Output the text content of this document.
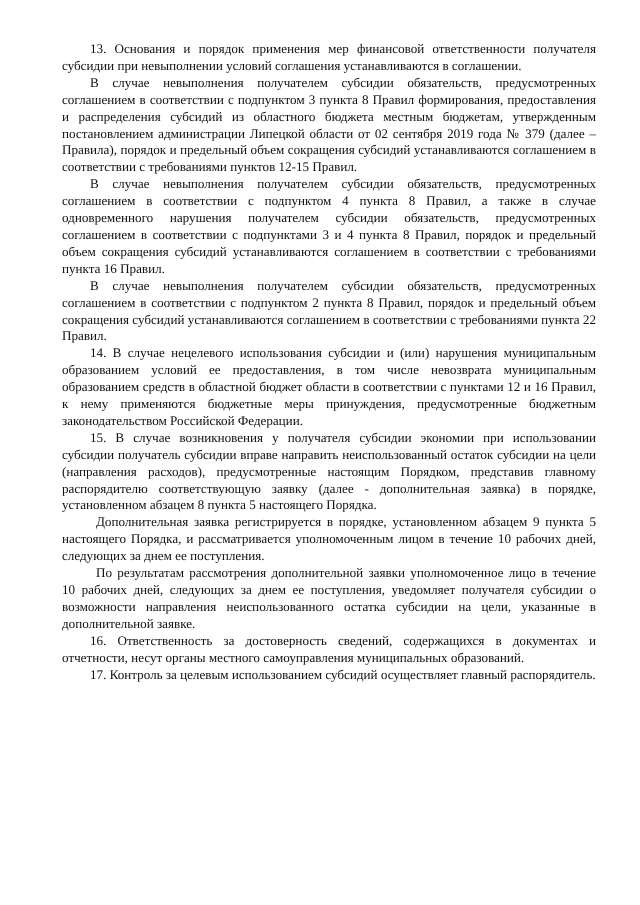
13. Основания и порядок применения мер финансовой ответственности получателя субсидии при невыполнении условий соглашения устанавливаются в соглашении.

В случае невыполнения получателем субсидии обязательств, предусмотренных соглашением в соответствии с подпунктом 3 пункта 8 Правил формирования, предоставления и распределения субсидий из областного бюджета местным бюджетам, утвержденным постановлением администрации Липецкой области от 02 сентября 2019 года № 379 (далее – Правила), порядок и предельный объем сокращения субсидий устанавливаются соглашением в соответствии с требованиями пунктов 12-15 Правил.

В случае невыполнения получателем субсидии обязательств, предусмотренных соглашением в соответствии с подпунктом 4 пункта 8 Правил, а также в случае одновременного нарушения получателем субсидии обязательств, предусмотренных соглашением в соответствии с подпунктами 3 и 4 пункта 8 Правил, порядок и предельный объем сокращения субсидий устанавливаются соглашением в соответствии с требованиями пункта 16 Правил.

В случае невыполнения получателем субсидии обязательств, предусмотренных соглашением в соответствии с подпунктом 2 пункта 8 Правил, порядок и предельный объем сокращения субсидий устанавливаются соглашением в соответствии с требованиями пункта 22 Правил.

14. В случае нецелевого использования субсидии и (или) нарушения муниципальным образованием условий ее предоставления, в том числе невозврата муниципальным образованием средств в областной бюджет области в соответствии с пунктами 12 и 16 Правил, к нему применяются бюджетные меры принуждения, предусмотренные бюджетным законодательством Российской Федерации.

15. В случае возникновения у получателя субсидии экономии при использовании субсидии получатель субсидии вправе направить неиспользованный остаток субсидии на цели (направления расходов), предусмотренные настоящим Порядком, представив главному распорядителю соответствующую заявку (далее - дополнительная заявка) в порядке, установленном абзацем 8 пункта 5 настоящего Порядка.

Дополнительная заявка регистрируется в порядке, установленном абзацем 9 пункта 5 настоящего Порядка, и рассматривается уполномоченным лицом в течение 10 рабочих дней, следующих за днем ее поступления.

По результатам рассмотрения дополнительной заявки уполномоченное лицо в течение 10 рабочих дней, следующих за днем ее поступления, уведомляет получателя субсидии о возможности направления неиспользованного остатка субсидии на цели, указанные в дополнительной заявке.

16. Ответственность за достоверность сведений, содержащихся в документах и отчетности, несут органы местного самоуправления муниципальных образований.

17. Контроль за целевым использованием субсидий осуществляет главный распорядитель.
